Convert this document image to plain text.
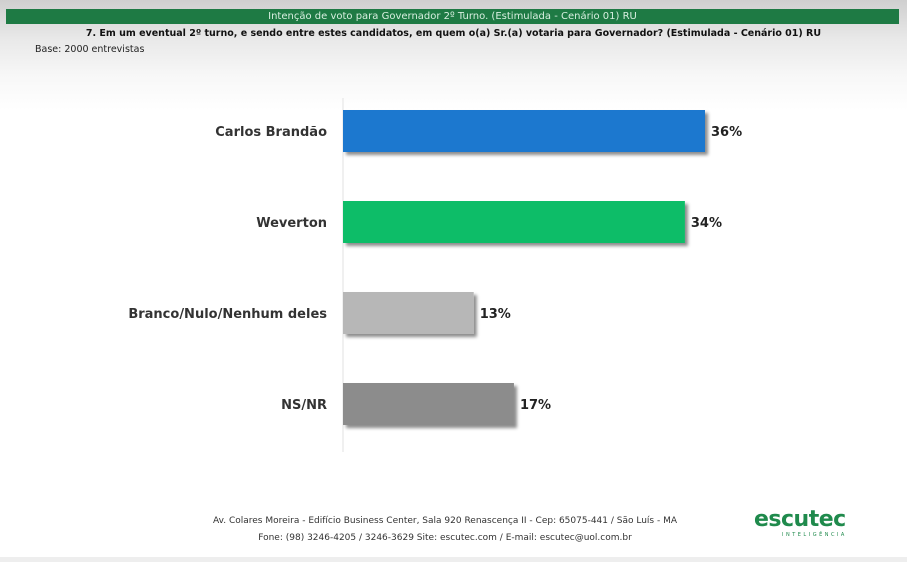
Intenção de voto para Governador 2º Turno. (Estimulada - Cenário 01) RU
7. Em um eventual 2º turno, e sendo entre estes candidatos, em quem o(a) Sr.(a) votaria para Governador? (Estimulada - Cenário 01) RU
Base: 2000 entrevistas
Carlos Brandão	36%
Weverton	34%
Branco/Nulo/Nenhum deles	13%
NS/NR	17%
Av. Colares Moreira - Edifício Business Center, Sala 920 Renascença II - Cep: 65075-441 / São Luís - MA
Fone: (98) 3246-4205 / 3246-3629 Site: escutec.com / E-mail: escutec@uol.com.br
escutec
INTELIGÊNCIA
